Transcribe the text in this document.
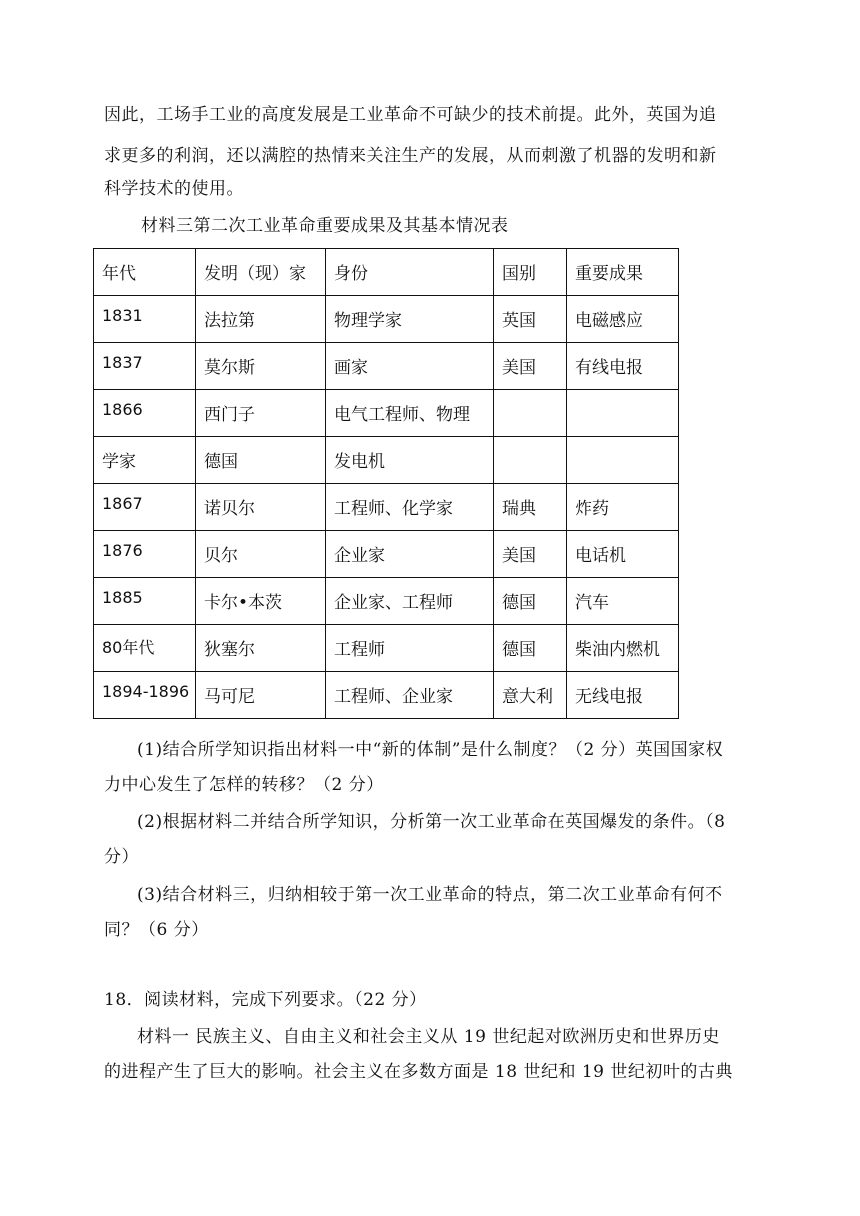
因此，工场手工业的高度发展是工业革命不可缺少的技术前提。此外，英国为追
求更多的利润，还以满腔的热情来关注生产的发展，从而刺激了机器的发明和新
科学技术的使用。
材料三第二次工业革命重要成果及其基本情况表
年代	发明（现）家	身份	国别	重要成果
1831	法拉第	物理学家	英国	电磁感应
1837	莫尔斯	画家	美国	有线电报
1866	西门子	电气工程师、物理		
学家	德国	发电机		
1867	诺贝尔	工程师、化学家	瑞典	炸药
1876	贝尔	企业家	美国	电话机
1885	卡尔•本茨	企业家、工程师	德国	汽车
80年代	狄塞尔	工程师	德国	柴油内燃机
1894-1896	马可尼	工程师、企业家	意大利	无线电报
(1)结合所学知识指出材料一中“新的体制”是什么制度？（2 分）英国国家权
力中心发生了怎样的转移？（2 分）
(2)根据材料二并结合所学知识，分析第一次工业革命在英国爆发的条件。（8
分）
(3)结合材料三，归纳相较于第一次工业革命的特点，第二次工业革命有何不
同？（6 分）
18．阅读材料，完成下列要求。（22 分）
材料一 民族主义、自由主义和社会主义从 19 世纪起对欧洲历史和世界历史
的进程产生了巨大的影响。社会主义在多数方面是 18 世纪和 19 世纪初叶的古典
